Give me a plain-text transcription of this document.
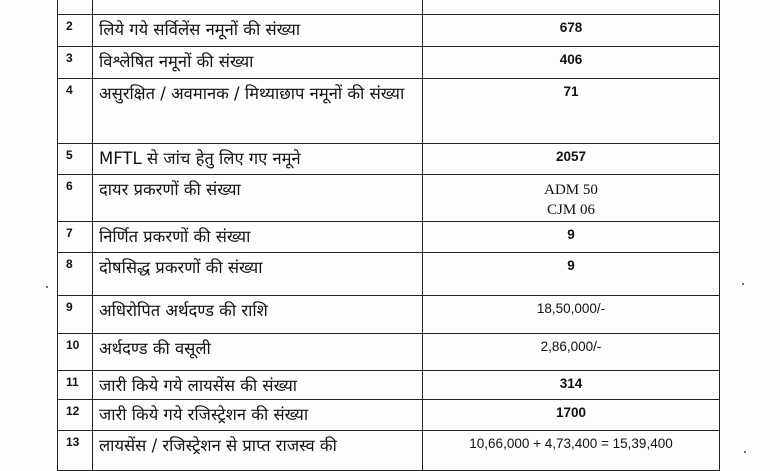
2	लिये गये सर्विलेंस नमूनों की संख्या	678
3	विश्लेषित नमूनों की संख्या	406
4	असुरक्षित / अवमानक / मिथ्याछाप नमूनों की संख्या	71
5	MFTL से जांच हेतु लिए गए नमूने	2057
6	दायर प्रकरणों की संख्या	ADM 50
CJM 06

7	निर्णित प्रकरणों की संख्या	9
8	दोषसिद्ध प्रकरणों की संख्या	9
9	अधिरोपित अर्थदण्ड की राशि	18,50,000/-
10	अर्थदण्ड की वसूली	2,86,000/-
11	जारी किये गये लायसेंस की संख्या	314
12	जारी किये गये रजिस्ट्रेशन की संख्या	1700
13	लायसेंस / रजिस्ट्रेशन से प्राप्त राजस्व की	10,66,000 + 4,73,400 = 15,39,400
